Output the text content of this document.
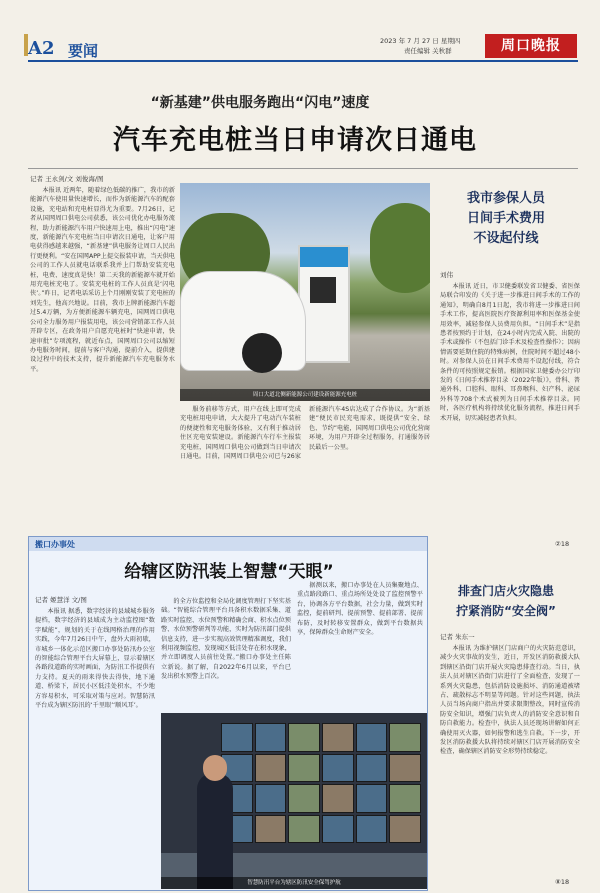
A2 要闻
2023 年 7 月 27 日 星期四
责任编辑 关秋群	周口晚报
“新基建”供电服务跑出“闪电”速度
汽车充电桩当日申请次日通电
记者 王永剑/文 刘俊海/图

本报讯 近两年，随着绿色低碳的推广，我市的新能源汽车使用量快速增长，而作为新能源汽车的配套设施，充电站和充电桩显得尤为重要。7月26日，记者从国网周口供电公司获悉，该公司优化办电服务流程，助力新能源汽车用户快速用上电，推出“闪电”速度，新能源汽车充电桩当日申请次日通电，让客户用电获得感越来越强，“新基建”供电服务让周口人民出行更便利。“安在国网APP上提交报装申请，当天供电公司的工作人员就电话联系我并上门帮助安装充电桩，电费、速度真是快！第二天我的新能源车就开始用充电桩充电了。安装充电桩的工作人员真是‘闪电侠’。”昨日，记者电话采访上个月刚刚安装了充电桩的刘先生，他高兴地说。目前，我市上牌新能源汽车超过5.4万辆，为方便新能源车辆充电，国网周口供电公司全力服务用户报装用电，该公司营销部工作人员开辟专区，在政务用户自愿充电桩时“快速申请，快速审批”专项流程，就近布点，国网周口公司以缩短办电服务时间，提前与客户沟通，提前介入，提供建设过程中的技术支持，提升新能源汽车充电服务水平。

周口大道北侧新能源公司建设新能源充电桩

服务前移等方式，用户在线上即可完成充电桩用电申请，大大提升了电动汽车装桩的便捷性和充电服务体验，又有利于推动居住区充电安装建设。新能源汽车行车主报装充电桩，国网周口供电公司做到当日申请次日通电。目前，国网周口供电公司已与26家新能源汽车4S店达成了合作协议。为“新基建”便民市民充电需求，既提供“安全、绿色、节约”电能，国网周口供电公司优化营商环境，为用户开辟全过程服务，打通服务居民最后一公里。

我市参保人员
日间手术费用
不设起付线
刘伟

本报讯 近日，市卫健委联发省卫健委、省医保局联合印发的《关于进一步推进日间手术的工作的通知》，明确自8月1日起，我市将进一步推进日间手术工作，提高医院医疗资源利用率和医保基金使用效率，减轻参保人员费用负担。“日间手术”是指患者按预约于计划，在24小时内完成入院、出院的手术或操作（不包括门诊手术及检查性操作）；因病情需要延期住院的特殊病例，住院时间不超过48小时。对参保人员在日间手术费用不设起付线，符合条件的可按照规定报销。根据国家卫健委办公厅印发的《日间手术推荐目录（2022年版）》，骨科、普通外科、口腔科、眼科、耳鼻喉科、妇产科、泌尿外科等708个术式被列为日间手术推荐目录。同时，各医疗机构将持续优化服务流程，推进日间手术开展，切实减轻患者负担。

②18
搬口办事处
给辖区防汛装上智慧“天眼”
记者 姬慧洋 文/图

本报讯 据悉，数字经济的县域城乡服务提档，数字经济的县域成为主动监控图“数字赋能”，规划的关于在线网格治理的作用实践，今年7月26日中午，盘外大雨初歇，市城乡一体化示范区搬口办事处防汛办公室的智能综合管理平台大屏幕上，显示着辖区各路段道路的实时画面，为防汛工作提供有力支持。夏天的雨来得快去得快，地下通道、桥梁下，居民小区低洼处积水，不少地方容易积水，可采取对策与应对。智慧防汛平台成为辖区防汛的‘千里眼’‘顺风耳’。

的全方位监控和全局化调度管理打下坚实基础。“智能综合管理平台具备积水数据采集、道路实时监控、水位预警和精确会商、积水点位预警、水位预警研判等功能，实时为防汛部门提供信息支持，进一步实现高效管理精准调度，我们利用视频监控，发现城区低洼处存在积水现象，并立即调度人员前往处置。”搬口办事处主任陈立新说。据了解，自2022年6月以来，平台已发出积水预警上百次。

据测以来，搬口办事处在人员集聚地点、重点路段路口、重点场所处处设了监控预警平台，协调各方平台数据，社会力量，做到实时监控，提前研判、提前预警、提前部署、提前布防，及时转移安置群众，做到平台数据共享，保障群众生命财产安全。

智慧防汛平台为辖区防汛安全保驾护航
排查门店火灾隐患
拧紧消防“安全阀”
记者 朱东一

本报讯 为维护辖区门店商户的火灾防范意识，减少火灾事故的发生，近日，开发区消防救援大队到辖区沿街门店开展火灾隐患排查行动。当日，执法人员对辖区沿街门店进行了全面检查，发现了一系列火灾隐患，包括消防设施损坏、消防通道被堵占、疏散标志不明显等问题。针对这些问题，执法人员当场向商户指出并要求限期整改，同时宣传消防安全知识，增强门店负责人的消防安全意识和自防自救能力。检查中，执法人员还现场讲解如何正确使用灭火器，如何报警和逃生自救。下一步，开发区消防救援大队将持续对辖区门店开展消防安全检查，确保辖区消防安全形势持续稳定。

⑧18
